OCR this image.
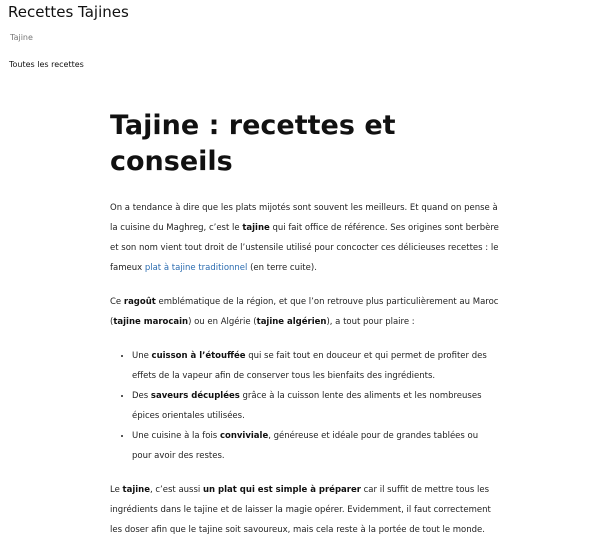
Recettes Tajines
Tajine
Toutes les recettes
Tajine : recettes et conseils

On a tendance à dire que les plats mijotés sont souvent les meilleurs. Et quand on pense à la cuisine du Maghreg, c’est le tajine qui fait office de référence. Ses origines sont berbère et son nom vient tout droit de l’ustensile utilisé pour concocter ces délicieuses recettes : le fameux plat à tajine traditionnel (en terre cuite).

Ce ragoût emblématique de la région, et que l’on retrouve plus particulièrement au Maroc (tajine marocain) ou en Algérie (tajine algérien), a tout pour plaire :

• Une cuisson à l’étouffée qui se fait tout en douceur et qui permet de profiter des effets de la vapeur afin de conserver tous les bienfaits des ingrédients.
• Des saveurs décuplées grâce à la cuisson lente des aliments et les nombreuses épices orientales utilisées.
• Une cuisine à la fois conviviale, généreuse et idéale pour de grandes tablées ou pour avoir des restes.

Le tajine, c’est aussi un plat qui est simple à préparer car il suffit de mettre tous les ingrédients dans le tajine et de laisser la magie opérer. Evidemment, il faut correctement les doser afin que le tajine soit savoureux, mais cela reste à la portée de tout le monde.
